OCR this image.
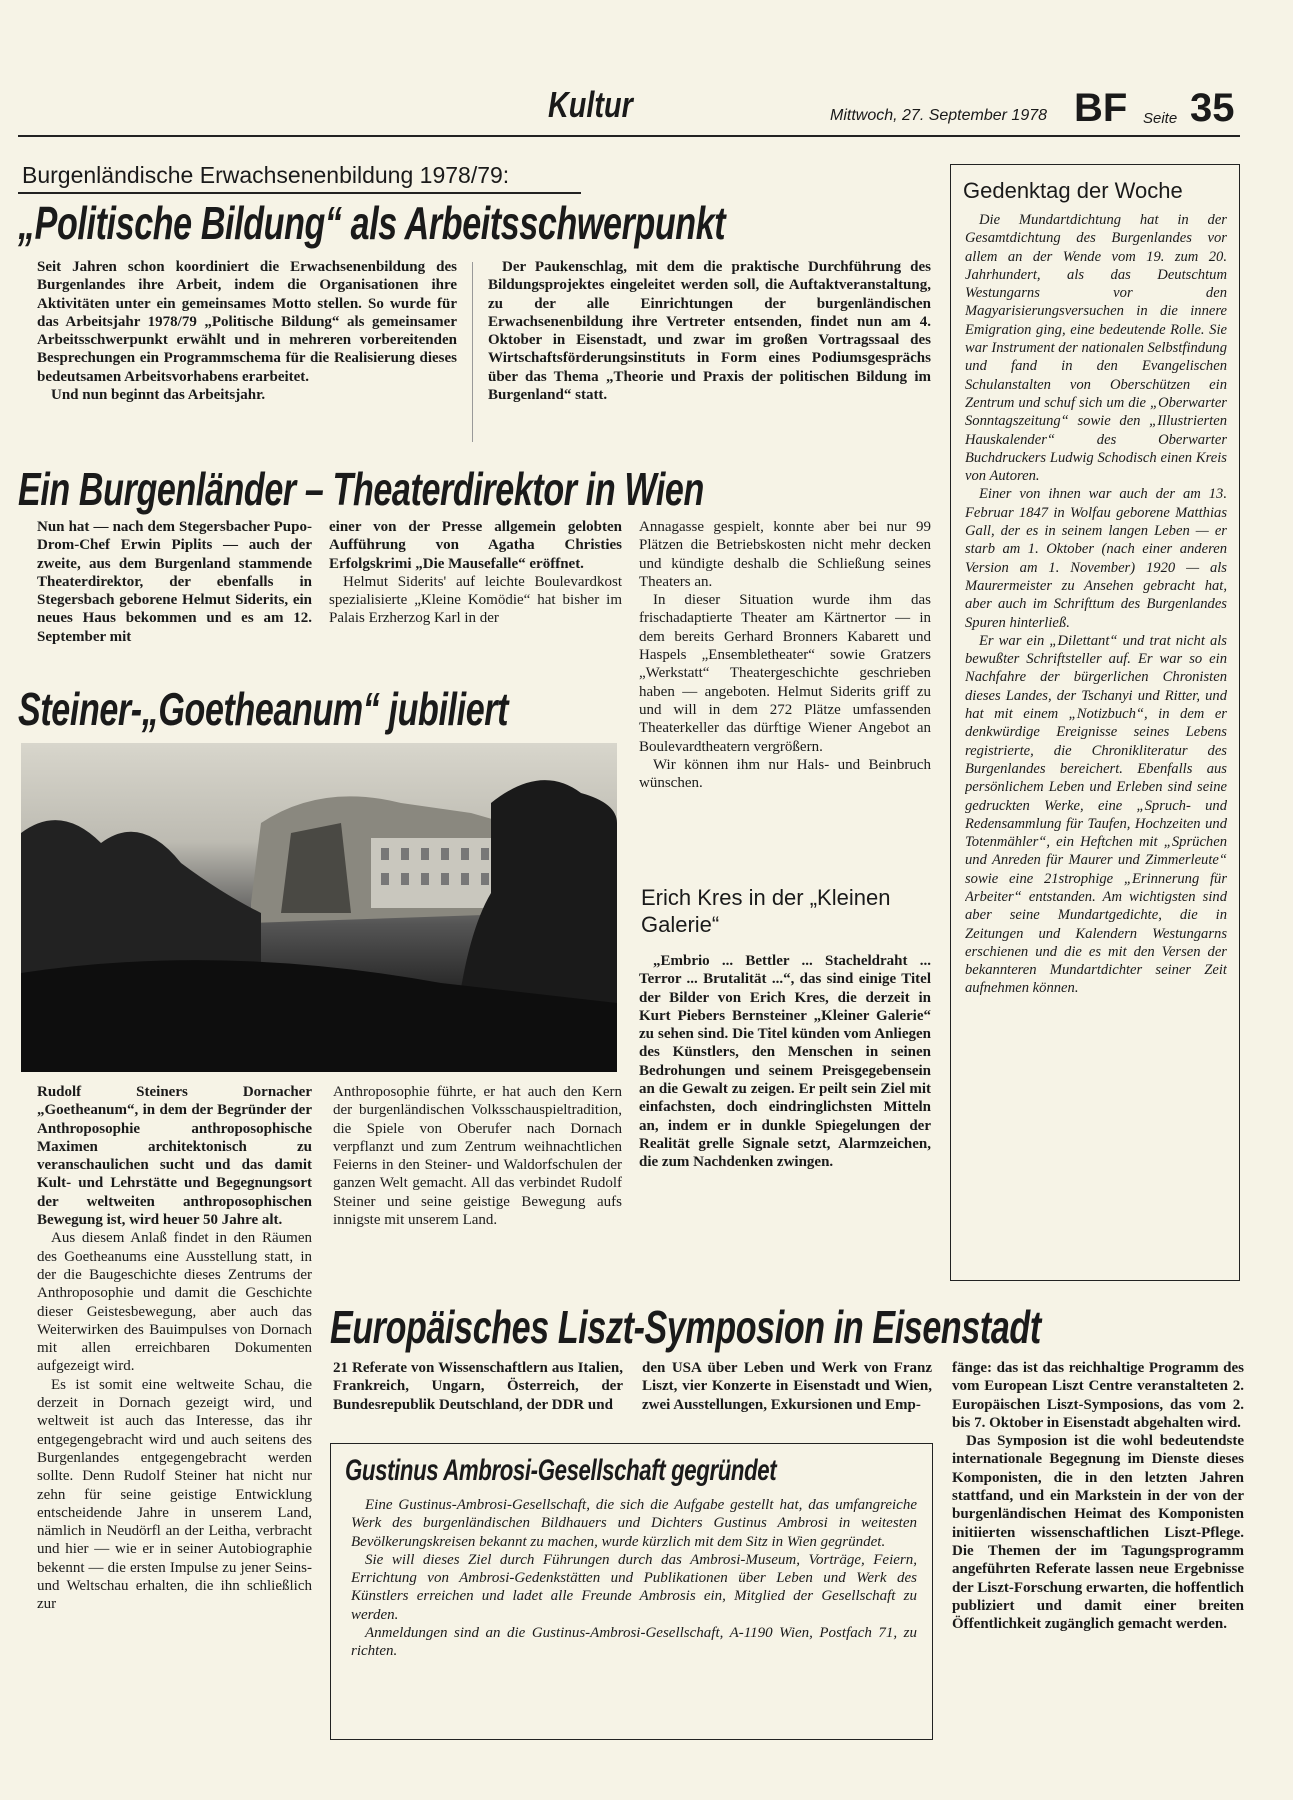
Kultur	Mittwoch, 27. September 1978 BF Seite 35
Burgenländische Erwachsenenbildung 1978/79:
„Politische Bildung“ als Arbeitsschwerpunkt

Seit Jahren schon koordiniert die Erwachsenenbildung des Burgenlandes ihre Arbeit, indem die Organisationen ihre Aktivitäten unter ein gemeinsames Motto stellen. So wurde für das Arbeitsjahr 1978/79 „Politische Bildung“ als gemeinsamer Arbeitsschwerpunkt erwählt und in mehreren vorbereitenden Besprechungen ein Programmschema für die Realisierung dieses bedeutsamen Arbeitsvorhabens erarbeitet.

Und nun beginnt das Arbeitsjahr.

Der Paukenschlag, mit dem die praktische Durchführung des Bildungsprojektes eingeleitet werden soll, die Auftaktveranstaltung, zu der alle Einrichtungen der burgenländischen Erwachsenenbildung ihre Vertreter entsenden, findet nun am 4. Oktober in Eisenstadt, und zwar im großen Vortragssaal des Wirtschaftsförderungsinstituts in Form eines Podiumsgesprächs über das Thema „Theorie und Praxis der politischen Bildung im Burgenland“ statt.

Gedenktag der Woche

Die Mundartdichtung hat in der Gesamtdichtung des Burgenlandes vor allem an der Wende vom 19. zum 20. Jahrhundert, als das Deutschtum Westungarns vor den Magyarisierungsversuchen in die innere Emigration ging, eine bedeutende Rolle. Sie war Instrument der nationalen Selbstfindung und fand in den Evangelischen Schulanstalten von Oberschützen ein Zentrum und schuf sich um die „Oberwarter Sonntagszeitung“ sowie den „Illustrierten Hauskalender“ des Oberwarter Buchdruckers Ludwig Schodisch einen Kreis von Autoren.

Einer von ihnen war auch der am 13. Februar 1847 in Wolfau geborene Matthias Gall, der es in seinem langen Leben — er starb am 1. Oktober (nach einer anderen Version am 1. November) 1920 — als Maurermeister zu Ansehen gebracht hat, aber auch im Schrifttum des Burgenlandes Spuren hinterließ.

Er war ein „Dilettant“ und trat nicht als bewußter Schriftsteller auf. Er war so ein Nachfahre der bürgerlichen Chronisten dieses Landes, der Tschanyi und Ritter, und hat mit einem „Notizbuch“, in dem er denkwürdige Ereignisse seines Lebens registrierte, die Chronikliteratur des Burgenlandes bereichert. Ebenfalls aus persönlichem Leben und Erleben sind seine gedruckten Werke, eine „Spruch- und Redensammlung für Taufen, Hochzeiten und Totenmähler“, ein Heftchen mit „Sprüchen und Anreden für Maurer und Zimmerleute“ sowie eine 21strophige „Erinnerung für Arbeiter“ entstanden. Am wichtigsten sind aber seine Mundartgedichte, die in Zeitungen und Kalendern Westungarns erschienen und die es mit den Versen der bekannteren Mundartdichter seiner Zeit aufnehmen können.

Ein Burgenländer – Theaterdirektor in Wien

Nun hat — nach dem Stegersbacher Pupo-Drom-Chef Erwin Piplits — auch der zweite, aus dem Burgenland stammende Theaterdirektor, der ebenfalls in Stegersbach geborene Helmut Siderits, ein neues Haus bekommen und es am 12. September mit

einer von der Presse allgemein gelobten Aufführung von Agatha Christies Erfolgskrimi „Die Mausefalle“ eröffnet.

Helmut Siderits' auf leichte Boulevardkost spezialisierte „Kleine Komödie“ hat bisher im Palais Erzherzog Karl in der

Annagasse gespielt, konnte aber bei nur 99 Plätzen die Betriebskosten nicht mehr decken und kündigte deshalb die Schließung seines Theaters an.

In dieser Situation wurde ihm das frischadaptierte Theater am Kärtnertor — in dem bereits Gerhard Bronners Kabarett und Haspels „Ensembletheater“ sowie Gratzers „Werkstatt“ Theatergeschichte geschrieben haben — angeboten. Helmut Siderits griff zu und will in dem 272 Plätze umfassenden Theaterkeller das dürftige Wiener Angebot an Boulevardtheatern vergrößern.

Wir können ihm nur Hals- und Beinbruch wünschen.

Steiner-„Goetheanum“ jubiliert

Rudolf Steiners Dornacher „Goetheanum“, in dem der Begründer der Anthroposophie anthroposophische Maximen architektonisch zu veranschaulichen sucht und das damit Kult- und Lehrstätte und Begegnungsort der weltweiten anthroposophischen Bewegung ist, wird heuer 50 Jahre alt.

Aus diesem Anlaß findet in den Räumen des Goetheanums eine Ausstellung statt, in der die Baugeschichte dieses Zentrums der Anthroposophie und damit die Geschichte dieser Geistesbewegung, aber auch das Weiterwirken des Bauimpulses von Dornach mit allen erreichbaren Dokumenten aufgezeigt wird.

Es ist somit eine weltweite Schau, die derzeit in Dornach gezeigt wird, und weltweit ist auch das Interesse, das ihr entgegengebracht wird und auch seitens des Burgenlandes entgegengebracht werden sollte. Denn Rudolf Steiner hat nicht nur zehn für seine geistige Entwicklung entscheidende Jahre in unserem Land, nämlich in Neudörfl an der Leitha, verbracht und hier — wie er in seiner Autobiographie bekennt — die ersten Impulse zu jener Seins- und Weltschau erhalten, die ihn schließlich zur

Anthroposophie führte, er hat auch den Kern der burgenländischen Volksschauspieltradition, die Spiele von Oberufer nach Dornach verpflanzt und zum Zentrum weihnachtlichen Feierns in den Steiner- und Waldorfschulen der ganzen Welt gemacht. All das verbindet Rudolf Steiner und seine geistige Bewegung aufs innigste mit unserem Land.

Erich Kres in der „Kleinen Galerie“

„Embrio ... Bettler ... Stacheldraht ... Terror ... Brutalität ...“, das sind einige Titel der Bilder von Erich Kres, die derzeit in Kurt Piebers Bernsteiner „Kleiner Galerie“ zu sehen sind. Die Titel künden vom Anliegen des Künstlers, den Menschen in seinen Bedrohungen und seinem Preisgegebensein an die Gewalt zu zeigen. Er peilt sein Ziel mit einfachsten, doch eindringlichsten Mitteln an, indem er in dunkle Spiegelungen der Realität grelle Signale setzt, Alarmzeichen, die zum Nachdenken zwingen.

Europäisches Liszt-Symposion in Eisenstadt

21 Referate von Wissenschaftlern aus Italien, Frankreich, Ungarn, Österreich, der Bundesrepublik Deutschland, der DDR und

den USA über Leben und Werk von Franz Liszt, vier Konzerte in Eisenstadt und Wien, zwei Ausstellungen, Exkursionen und Emp-

fänge: das ist das reichhaltige Programm des vom European Liszt Centre veranstalteten 2. Europäischen Liszt-Symposions, das vom 2. bis 7. Oktober in Eisenstadt abgehalten wird.

Das Symposion ist die wohl bedeutendste internationale Begegnung im Dienste dieses Komponisten, die in den letzten Jahren stattfand, und ein Markstein in der von der burgenländischen Heimat des Komponisten initiierten wissenschaftlichen Liszt-Pflege. Die Themen der im Tagungsprogramm angeführten Referate lassen neue Ergebnisse der Liszt-Forschung erwarten, die hoffentlich publiziert und damit einer breiten Öffentlichkeit zugänglich gemacht werden.

Gustinus Ambrosi-Gesellschaft gegründet

Eine Gustinus-Ambrosi-Gesellschaft, die sich die Aufgabe gestellt hat, das umfangreiche Werk des burgenländischen Bildhauers und Dichters Gustinus Ambrosi in weitesten Bevölkerungskreisen bekannt zu machen, wurde kürzlich mit dem Sitz in Wien gegründet.

Sie will dieses Ziel durch Führungen durch das Ambrosi-Museum, Vorträge, Feiern, Errichtung von Ambrosi-Gedenkstätten und Publikationen über Leben und Werk des Künstlers erreichen und ladet alle Freunde Ambrosis ein, Mitglied der Gesellschaft zu werden.

Anmeldungen sind an die Gustinus-Ambrosi-Gesellschaft, A-1190 Wien, Postfach 71, zu richten.
